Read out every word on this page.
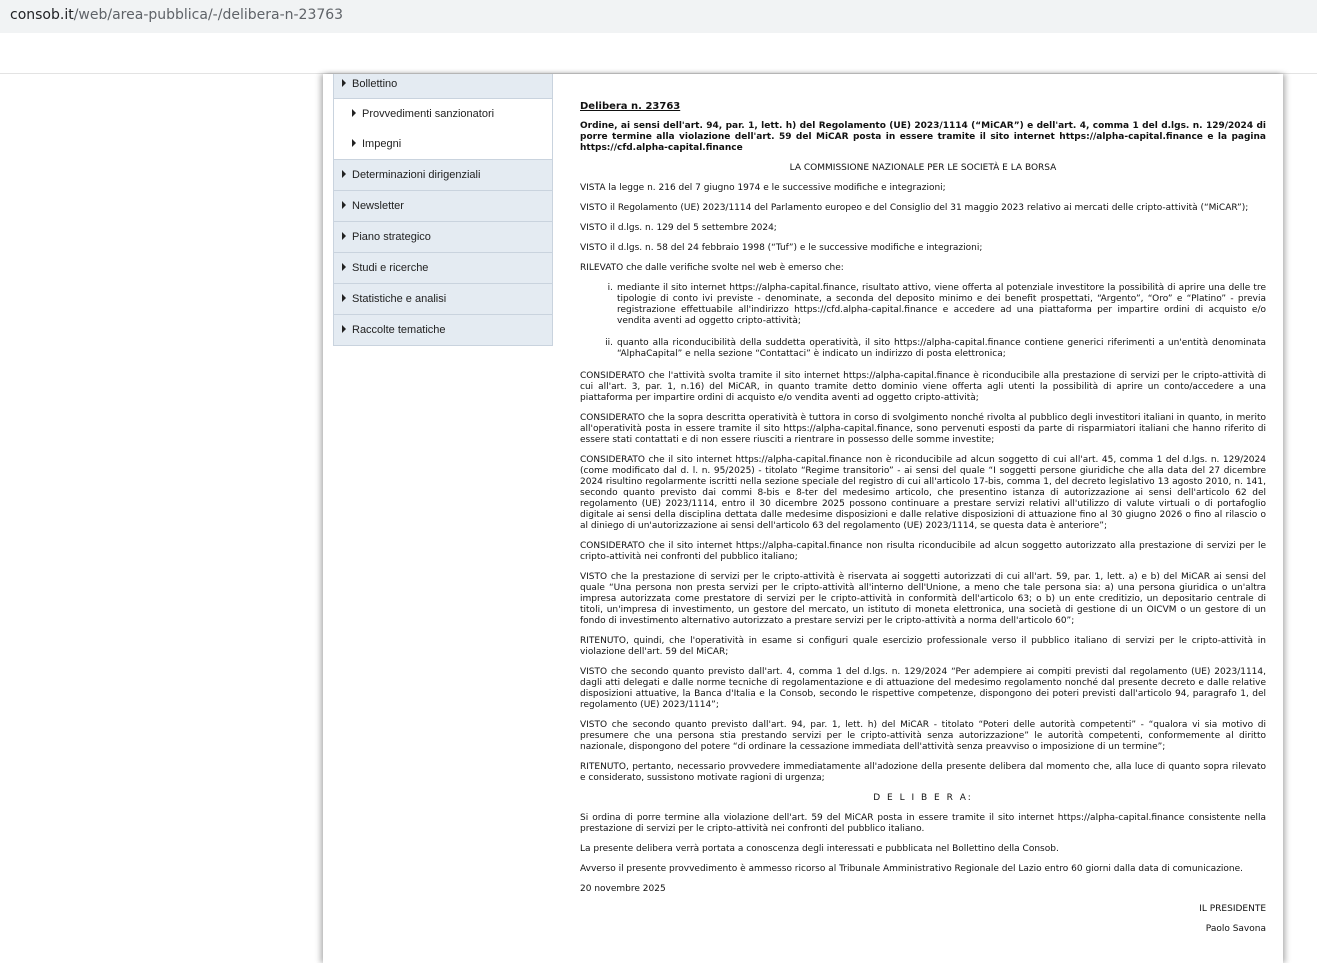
consob.it/web/area-pubblica/-/delibera-n-23763
Bollettino
Provvedimenti sanzionatori
Impegni
Determinazioni dirigenziali
Newsletter
Piano strategico
Studi e ricerche
Statistiche e analisi
Raccolte tematiche

Delibera n. 23763

Ordine, ai sensi dell'art. 94, par. 1, lett. h) del Regolamento (UE) 2023/1114 (“MiCAR”) e dell'art. 4, comma 1 del d.lgs. n. 129/2024 di porre termine alla violazione dell'art. 59 del MiCAR posta in essere tramite il sito internet https://alpha-capital.finance e la pagina https://cfd.alpha-capital.finance

LA COMMISSIONE NAZIONALE PER LE SOCIETÀ E LA BORSA

VISTA la legge n. 216 del 7 giugno 1974 e le successive modifiche e integrazioni;

VISTO il Regolamento (UE) 2023/1114 del Parlamento europeo e del Consiglio del 31 maggio 2023 relativo ai mercati delle cripto-attività (“MiCAR”);

VISTO il d.lgs. n. 129 del 5 settembre 2024;

VISTO il d.lgs. n. 58 del 24 febbraio 1998 (“Tuf”) e le successive modifiche e integrazioni;

RILEVATO che dalle verifiche svolte nel web è emerso che:

i. mediante il sito internet https://alpha-capital.finance, risultato attivo, viene offerta al potenziale investitore la possibilità di aprire una delle tre tipologie di conto ivi previste - denominate, a seconda del deposito minimo e dei benefit prospettati, “Argento”, “Oro” e “Platino” - previa registrazione effettuabile all'indirizzo https://cfd.alpha-capital.finance e accedere ad una piattaforma per impartire ordini di acquisto e/o vendita aventi ad oggetto cripto-attività;
ii. quanto alla riconducibilità della suddetta operatività, il sito https://alpha-capital.finance contiene generici riferimenti a un'entità denominata “AlphaCapital” e nella sezione “Contattaci” è indicato un indirizzo di posta elettronica;

CONSIDERATO che l'attività svolta tramite il sito internet https://alpha-capital.finance è riconducibile alla prestazione di servizi per le cripto-attività di cui all'art. 3, par. 1, n.16) del MiCAR, in quanto tramite detto dominio viene offerta agli utenti la possibilità di aprire un conto/accedere a una piattaforma per impartire ordini di acquisto e/o vendita aventi ad oggetto cripto-attività;

CONSIDERATO che la sopra descritta operatività è tuttora in corso di svolgimento nonché rivolta al pubblico degli investitori italiani in quanto, in merito all'operatività posta in essere tramite il sito https://alpha-capital.finance, sono pervenuti esposti da parte di risparmiatori italiani che hanno riferito di essere stati contattati e di non essere riusciti a rientrare in possesso delle somme investite;

CONSIDERATO che il sito internet https://alpha-capital.finance non è riconducibile ad alcun soggetto di cui all'art. 45, comma 1 del d.lgs. n. 129/2024 (come modificato dal d. l. n. 95/2025) - titolato “Regime transitorio” - ai sensi del quale “I soggetti persone giuridiche che alla data del 27 dicembre 2024 risultino regolarmente iscritti nella sezione speciale del registro di cui all'articolo 17-bis, comma 1, del decreto legislativo 13 agosto 2010, n. 141, secondo quanto previsto dai commi 8-bis e 8-ter del medesimo articolo, che presentino istanza di autorizzazione ai sensi dell'articolo 62 del regolamento (UE) 2023/1114, entro il 30 dicembre 2025 possono continuare a prestare servizi relativi all'utilizzo di valute virtuali o di portafoglio digitale ai sensi della disciplina dettata dalle medesime disposizioni e dalle relative disposizioni di attuazione fino al 30 giugno 2026 o fino al rilascio o al diniego di un'autorizzazione ai sensi dell'articolo 63 del regolamento (UE) 2023/1114, se questa data è anteriore”;

CONSIDERATO che il sito internet https://alpha-capital.finance non risulta riconducibile ad alcun soggetto autorizzato alla prestazione di servizi per le cripto-attività nei confronti del pubblico italiano;

VISTO che la prestazione di servizi per le cripto-attività è riservata ai soggetti autorizzati di cui all'art. 59, par. 1, lett. a) e b) del MiCAR ai sensi del quale “Una persona non presta servizi per le cripto-attività all'interno dell'Unione, a meno che tale persona sia: a) una persona giuridica o un'altra impresa autorizzata come prestatore di servizi per le cripto-attività in conformità dell'articolo 63; o b) un ente creditizio, un depositario centrale di titoli, un'impresa di investimento, un gestore del mercato, un istituto di moneta elettronica, una società di gestione di un OICVM o un gestore di un fondo di investimento alternativo autorizzato a prestare servizi per le cripto-attività a norma dell'articolo 60”;

RITENUTO, quindi, che l'operatività in esame si configuri quale esercizio professionale verso il pubblico italiano di servizi per le cripto-attività in violazione dell'art. 59 del MiCAR;

VISTO che secondo quanto previsto dall'art. 4, comma 1 del d.lgs. n. 129/2024 “Per adempiere ai compiti previsti dal regolamento (UE) 2023/1114, dagli atti delegati e dalle norme tecniche di regolamentazione e di attuazione del medesimo regolamento nonché dal presente decreto e dalle relative disposizioni attuative, la Banca d'Italia e la Consob, secondo le rispettive competenze, dispongono dei poteri previsti dall'articolo 94, paragrafo 1, del regolamento (UE) 2023/1114”;

VISTO che secondo quanto previsto dall'art. 94, par. 1, lett. h) del MiCAR - titolato “Poteri delle autorità competenti” - “qualora vi sia motivo di presumere che una persona stia prestando servizi per le cripto-attività senza autorizzazione” le autorità competenti, conformemente al diritto nazionale, dispongono del potere “di ordinare la cessazione immediata dell'attività senza preavviso o imposizione di un termine”;

RITENUTO, pertanto, necessario provvedere immediatamente all'adozione della presente delibera dal momento che, alla luce di quanto sopra rilevato e considerato, sussistono motivate ragioni di urgenza;

D E L I B E R A:

Si ordina di porre termine alla violazione dell'art. 59 del MiCAR posta in essere tramite il sito internet https://alpha-capital.finance consistente nella prestazione di servizi per le cripto-attività nei confronti del pubblico italiano.

La presente delibera verrà portata a conoscenza degli interessati e pubblicata nel Bollettino della Consob.

Avverso il presente provvedimento è ammesso ricorso al Tribunale Amministrativo Regionale del Lazio entro 60 giorni dalla data di comunicazione.

20 novembre 2025

IL PRESIDENTE

Paolo Savona
